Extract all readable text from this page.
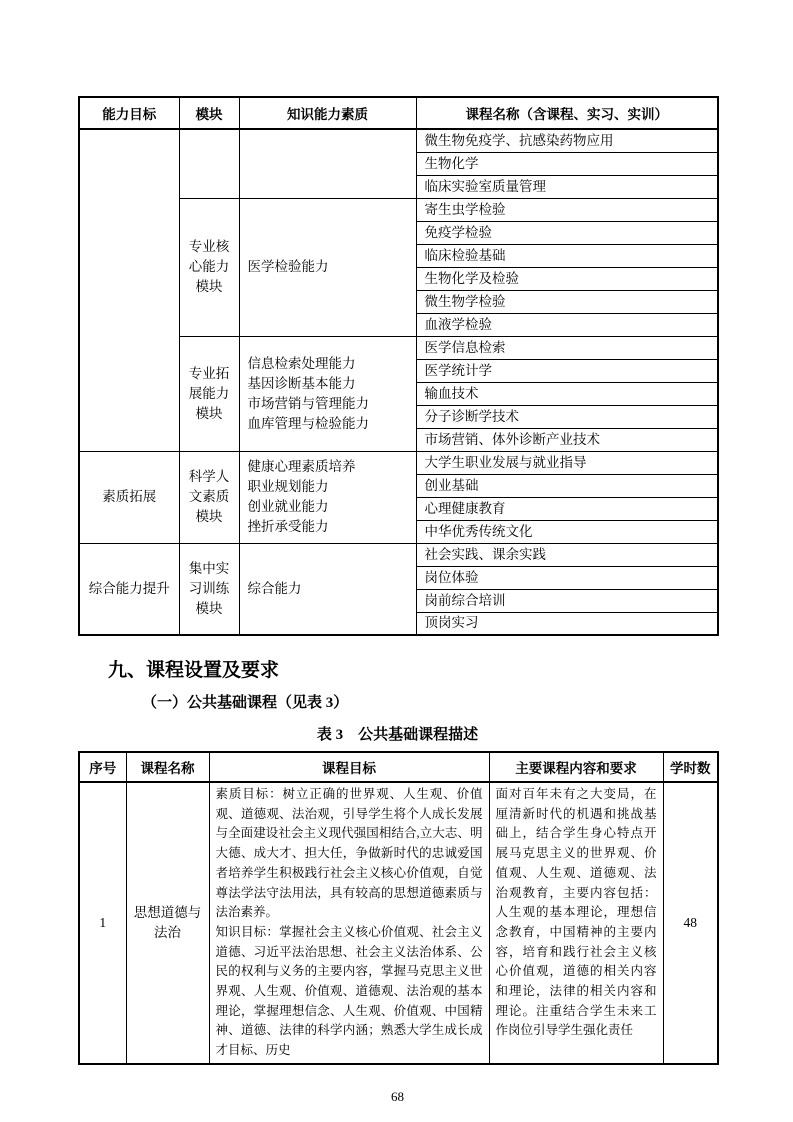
能力目标	模块	知识能力素质	课程名称（含课程、实习、实训）
			微生物免疫学、抗感染药物应用
			生物化学
			临床实验室质量管理
	专业核心能力模块	医学检验能力	寄生虫学检验
			免疫学检验
			临床检验基础
			生物化学及检验
			微生物学检验
			血液学检验
	专业拓展能力模块	信息检索处理能力
基因诊断基本能力
市场营销与管理能力
血库管理与检验能力	医学信息检索
			医学统计学
			输血技术
			分子诊断学技术
			市场营销、体外诊断产业技术
素质拓展	科学人文素质模块	健康心理素质培养
职业规划能力
创业就业能力
挫折承受能力	大学生职业发展与就业指导
			创业基础
			心理健康教育
			中华优秀传统文化
综合能力提升	集中实习训练模块	综合能力	社会实践、课余实践
			岗位体验
			岗前综合培训
			顶岗实习
九、课程设置及要求
（一）公共基础课程（见表 3）
表 3　公共基础课程描述
序号	课程名称	课程目标	主要课程内容和要求	学时数
1	思想道德与法治	素质目标：树立正确的世界观、人生观、价值观、道德观、法治观，引导学生将个人成长发展与全面建设社会主义现代强国相结合,立大志、明大德、成大才、担大任，争做新时代的忠诚爱国者培养学生积极践行社会主义核心价值观，自觉尊法学法守法用法，具有较高的思想道德素质与法治素养。
知识目标：掌握社会主义核心价值观、社会主义道德、习近平法治思想、社会主义法治体系、公民的权利与义务的主要内容，掌握马克思主义世界观、人生观、价值观、道德观、法治观的基本理论，掌握理想信念、人生观、价值观、中国精神、道德、法律的科学内涵；熟悉大学生成长成才目标、历史	面对百年未有之大变局，在厘清新时代的机遇和挑战基础上，结合学生身心特点开展马克思主义的世界观、价值观、人生观、道德观、法治观教育，主要内容包括：人生观的基本理论，理想信念教育，中国精神的主要内容，培育和践行社会主义核心价值观，道德的相关内容和理论，法律的相关内容和理论。注重结合学生未来工作岗位引导学生强化责任	48
68
